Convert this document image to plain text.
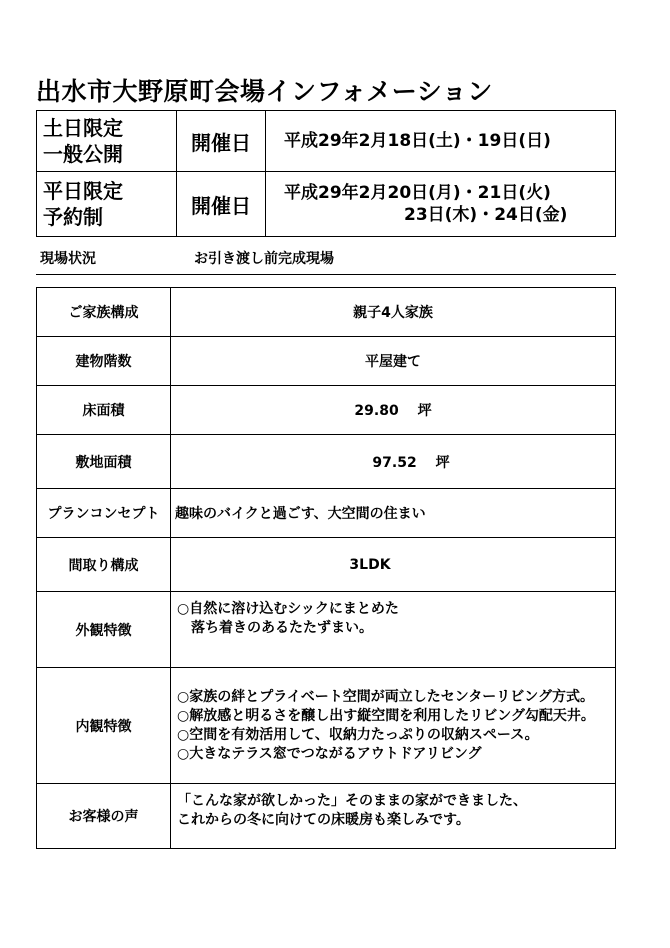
出水市大野原町会場インフォメーション
土日限定
一般公開	開催日	平成29年2月18日(土)・19日(日)

平日限定
予約制	開催日	平成29年2月20日(月)・21日(火)
23日(木)・24日(金)
現場状況	お引き渡し前完成現場
ご家族構成	親子4人家族
建物階数	平屋建て
床面積	29.80　 坪
敷地面積	97.52　 坪
プランコンセプト	趣味のバイクと過ごす、大空間の住まい
間取り構成	3LDK
外観特徴	○自然に溶け込むシックにまとめた
落ち着きのあるたたずまい。

内観特徴	○家族の絆とプライベート空間が両立したセンターリビング方式。
○解放感と明るさを醸し出す縦空間を利用したリビング勾配天井。
○空間を有効活用して、収納力たっぷりの収納スペース。
○大きなテラス窓でつながるアウトドアリビング

お客様の声	「こんな家が欲しかった」そのままの家ができました、
これからの冬に向けての床暖房も楽しみです。
